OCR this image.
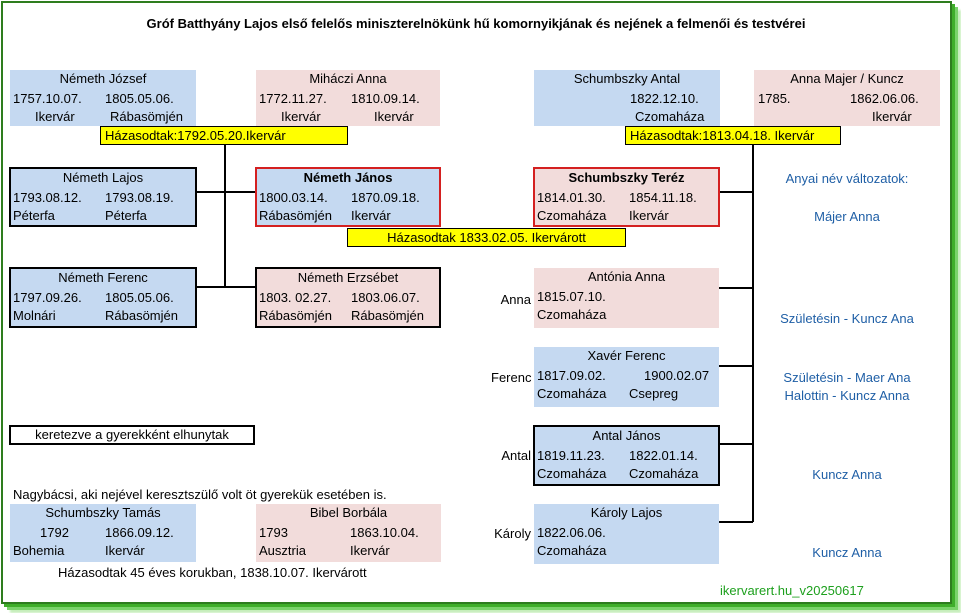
Gróf Batthyány Lajos első felelős miniszterelnökünk hű komornyikjának és nejének a felmenői és testvérei
Németh József
1757.10.07. 1805.05.06.
Ikervár	Rábasömjén
Miháczi Anna
1772.11.27. 1810.09.14.
Ikervár	Ikervár
Schumbszky Antal
1822.12.10.
Czomaháza
Anna Majer / Kuncz
1785.	1862.06.06.
Ikervár
Házasodtak:1792.05.20.Ikervár	Házasodtak:1813.04.18. Ikervár
Németh Lajos
1793.08.12. 1793.08.19.
Péterfa	Péterfa
Németh János
1800.03.14. 1870.09.18.
Rábasömjén Ikervár
Schumbszky Teréz
1814.01.30. 1854.11.18.
Czomaháza Ikervár
Házasodtak 1833.02.05. Ikervárott
Németh Ferenc
1797.09.26. 1805.05.06.
Molnári	Rábasömjén
Németh Erzsébet
1803. 02.27. 1803.06.07.
Rábasömjén Rábasömjén
Anna
Antónia Anna
1815.07.10.
Czomaháza
Ferenc
Xavér Ferenc
1817.09.02.	1900.02.07
Czomaháza Csepreg
Antal
Antal János
1819.11.23. 1822.01.14.
Czomaháza Czomaháza
Károly
Károly Lajos
1822.06.06.
Czomaháza
Anyai név változatok:
Májer Anna
Születésin - Kuncz Ana
Születésin - Maer Ana
Halottin - Kuncz Anna
Kuncz Anna
Kuncz Anna
keretezve a gyerekként elhunytak
Nagybácsi, aki nejével keresztszülő volt öt gyerekük esetében is.
Schumbszky Tamás
1792	1866.09.12.
Bohemia	Ikervár
Bibel Borbála
1793	1863.10.04.
Ausztria	Ikervár
Házasodtak 45 éves korukban, 1838.10.07. Ikervárott
ikervarert.hu_v20250617
